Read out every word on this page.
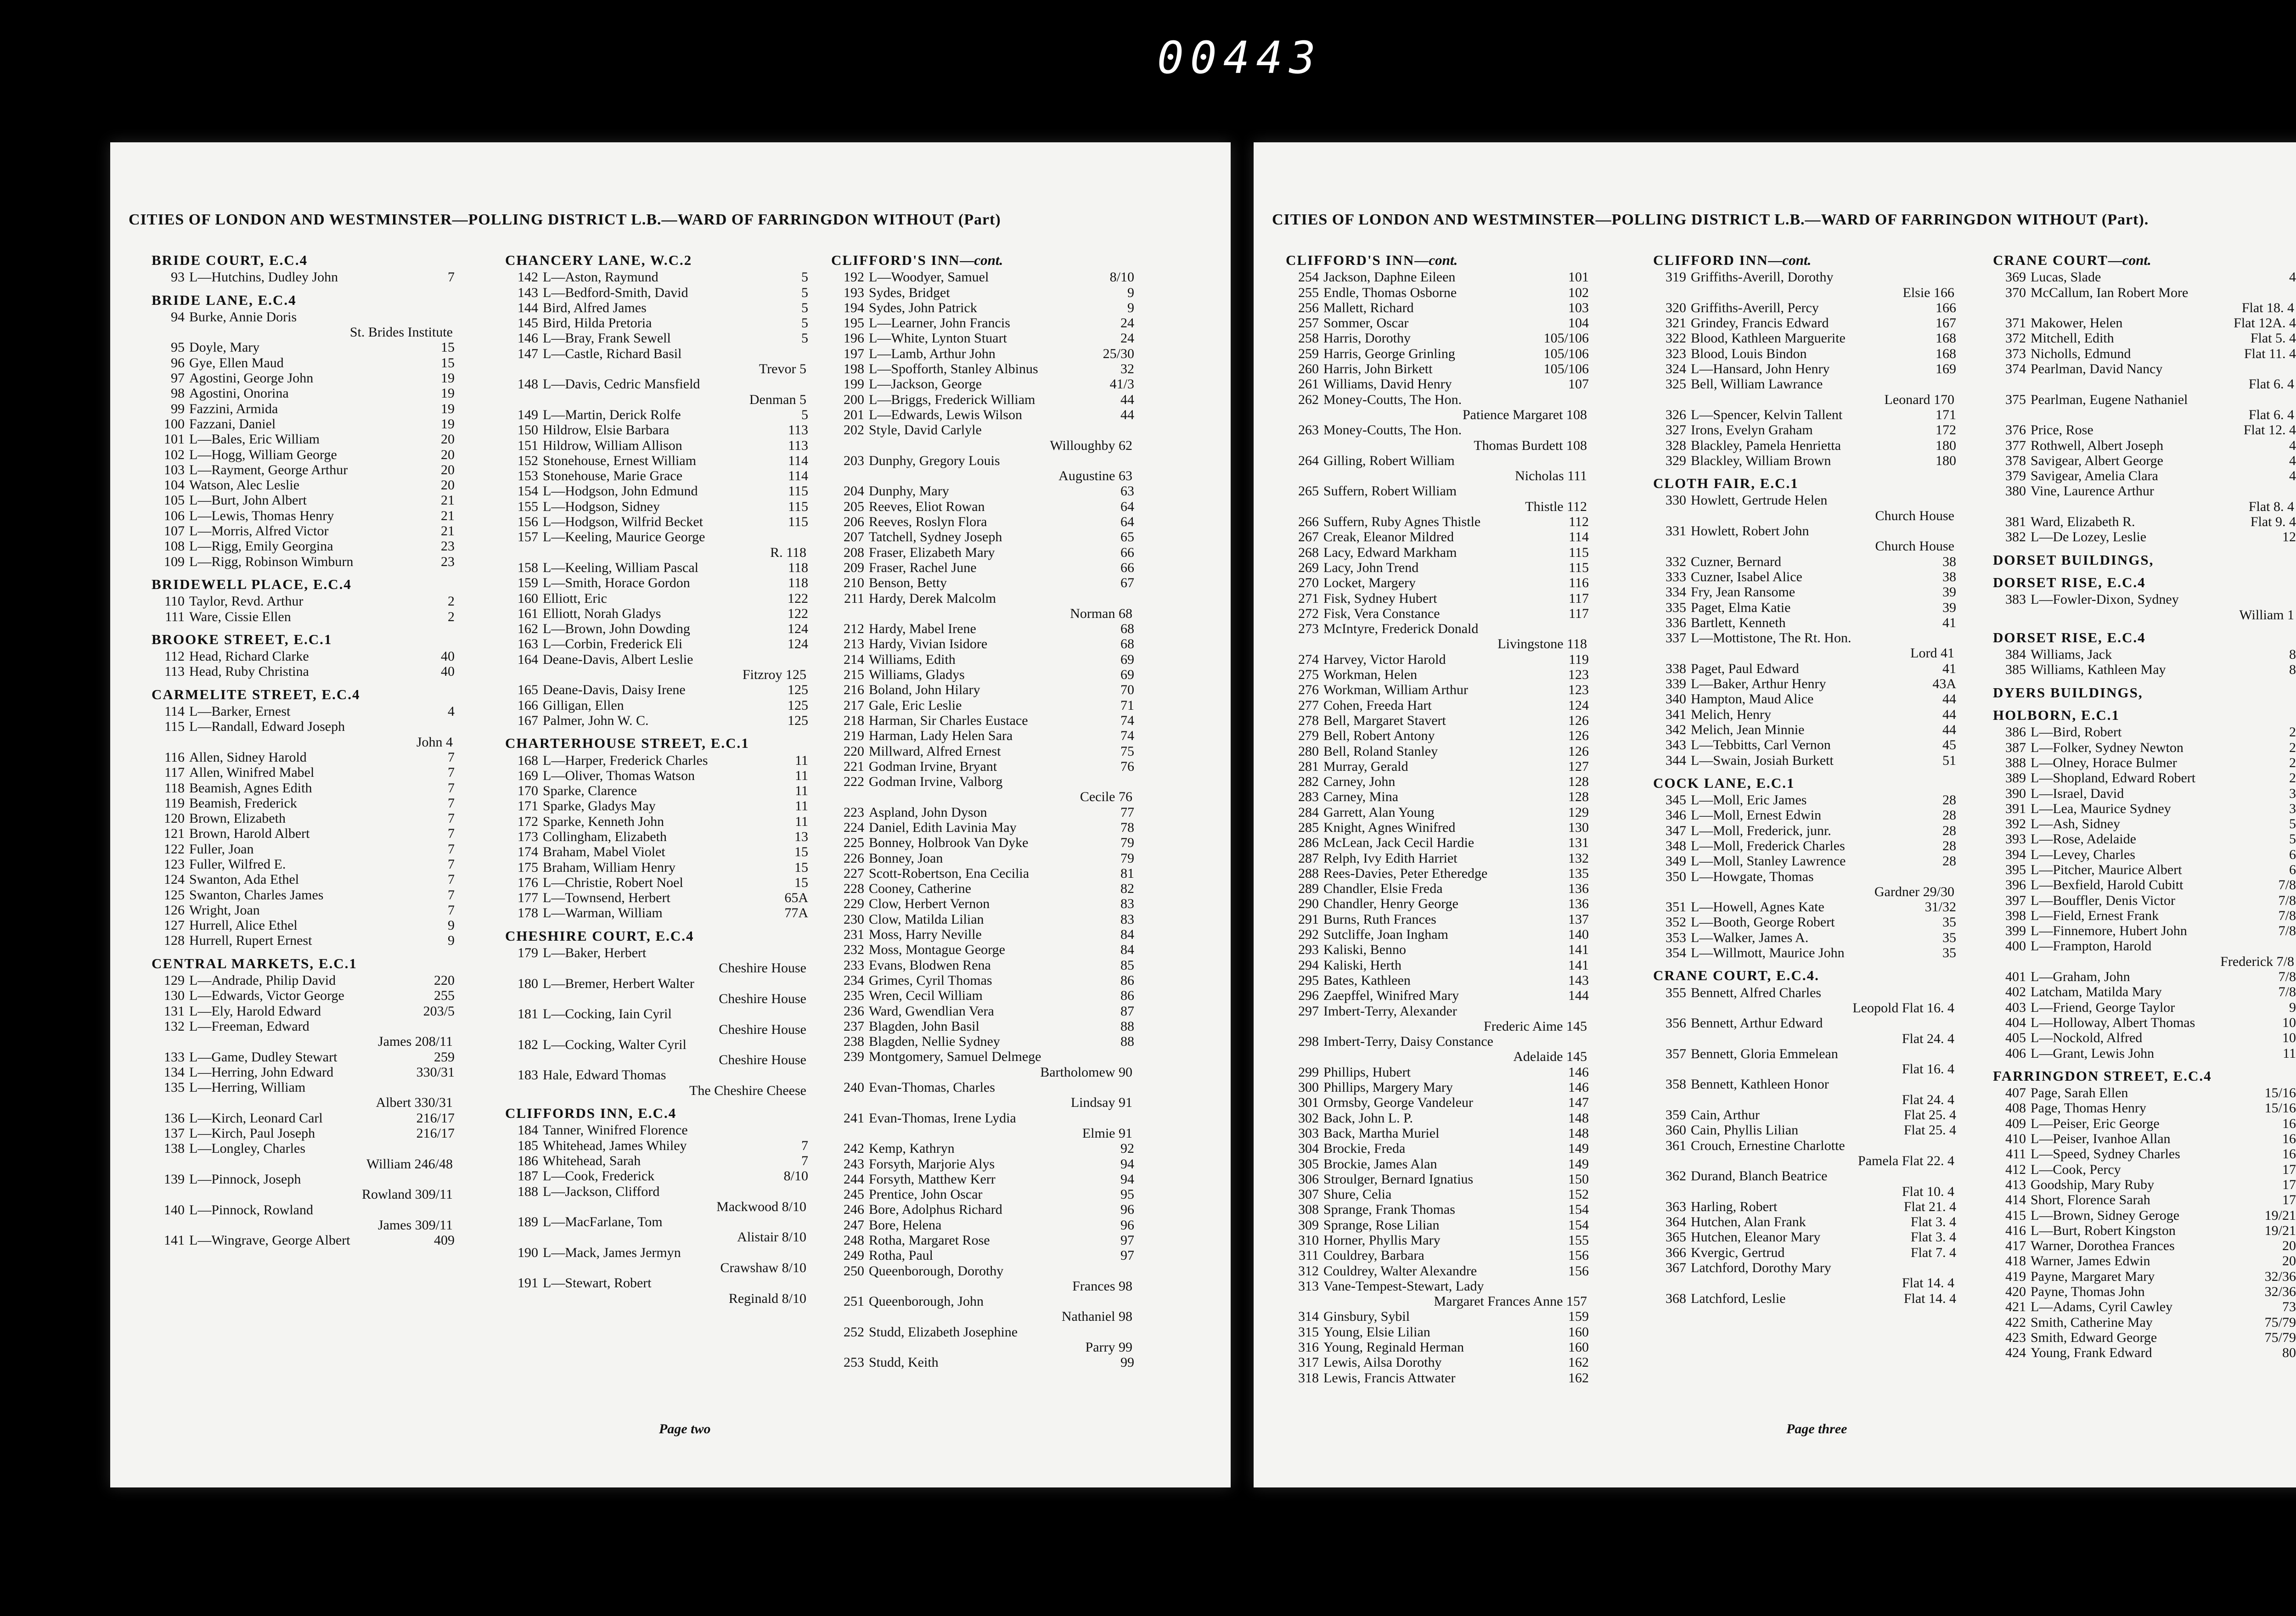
00443
CITIES OF LONDON AND WESTMINSTER—POLLING DISTRICT L.B.—WARD OF FARRINGDON WITHOUT (Part)
BRIDE COURT, E.C.4
93 L—Hutchins, Dudley John	7
BRIDE LANE, E.C.4
94 Burke, Annie Doris
St. Brides Institute
95 Doyle, Mary	15
96 Gye, Ellen Maud	15
97 Agostini, George John	19
98 Agostini, Onorina	19
99 Fazzini, Armida	19
100 Fazzani, Daniel	19
101 L—Bales, Eric William	20
102 L—Hogg, William George	20
103 L—Rayment, George Arthur	20
104 Watson, Alec Leslie	20
105 L—Burt, John Albert	21
106 L—Lewis, Thomas Henry	21
107 L—Morris, Alfred Victor	21
108 L—Rigg, Emily Georgina	23
109 L—Rigg, Robinson Wimburn	23
BRIDEWELL PLACE, E.C.4
110 Taylor, Revd. Arthur	2
111 Ware, Cissie Ellen	2
BROOKE STREET, E.C.1
112 Head, Richard Clarke	40
113 Head, Ruby Christina	40
CARMELITE STREET, E.C.4
114 L—Barker, Ernest	4
115 L—Randall, Edward Joseph
John 4
116 Allen, Sidney Harold	7
117 Allen, Winifred Mabel	7
118 Beamish, Agnes Edith	7
119 Beamish, Frederick	7
120 Brown, Elizabeth	7
121 Brown, Harold Albert	7
122 Fuller, Joan	7
123 Fuller, Wilfred E.	7
124 Swanton, Ada Ethel	7
125 Swanton, Charles James	7
126 Wright, Joan	7
127 Hurrell, Alice Ethel	9
128 Hurrell, Rupert Ernest	9
CENTRAL MARKETS, E.C.1
129 L—Andrade, Philip David	220
130 L—Edwards, Victor George	255
131 L—Ely, Harold Edward	203/5
132 L—Freeman, Edward
James 208/11
133 L—Game, Dudley Stewart	259
134 L—Herring, John Edward	330/31
135 L—Herring, William
Albert 330/31
136 L—Kirch, Leonard Carl	216/17
137 L—Kirch, Paul Joseph	216/17
138 L—Longley, Charles
William 246/48
139 L—Pinnock, Joseph
Rowland 309/11
140 L—Pinnock, Rowland
James 309/11
141 L—Wingrave, George Albert	409
CHANCERY LANE, W.C.2
142 L—Aston, Raymund	5
143 L—Bedford-Smith, David	5
144 Bird, Alfred James	5
145 Bird, Hilda Pretoria	5
146 L—Bray, Frank Sewell	5
147 L—Castle, Richard Basil
Trevor 5
148 L—Davis, Cedric Mansfield
Denman 5
149 L—Martin, Derick Rolfe	5
150 Hildrow, Elsie Barbara	113
151 Hildrow, William Allison	113
152 Stonehouse, Ernest William	114
153 Stonehouse, Marie Grace	114
154 L—Hodgson, John Edmund	115
155 L—Hodgson, Sidney	115
156 L—Hodgson, Wilfrid Becket	115
157 L—Keeling, Maurice George
R. 118
158 L—Keeling, William Pascal	118
159 L—Smith, Horace Gordon	118
160 Elliott, Eric	122
161 Elliott, Norah Gladys	122
162 L—Brown, John Dowding	124
163 L—Corbin, Frederick Eli	124
164 Deane-Davis, Albert Leslie
Fitzroy 125
165 Deane-Davis, Daisy Irene	125
166 Gilligan, Ellen	125
167 Palmer, John W. C.	125
CHARTERHOUSE STREET, E.C.1
168 L—Harper, Frederick Charles	11
169 L—Oliver, Thomas Watson	11
170 Sparke, Clarence	11
171 Sparke, Gladys May	11
172 Sparke, Kenneth John	11
173 Collingham, Elizabeth	13
174 Braham, Mabel Violet	15
175 Braham, William Henry	15
176 L—Christie, Robert Noel	15
177 L—Townsend, Herbert	65A
178 L—Warman, William	77A
CHESHIRE COURT, E.C.4
179 L—Baker, Herbert
Cheshire House
180 L—Bremer, Herbert Walter
Cheshire House
181 L—Cocking, Iain Cyril
Cheshire House
182 L—Cocking, Walter Cyril
Cheshire House
183 Hale, Edward Thomas
The Cheshire Cheese
CLIFFORDS INN, E.C.4
184 Tanner, Winifred Florence
185 Whitehead, James Whiley	7
186 Whitehead, Sarah	7
187 L—Cook, Frederick	8/10
188 L—Jackson, Clifford
Mackwood 8/10
189 L—MacFarlane, Tom
Alistair 8/10
190 L—Mack, James Jermyn
Crawshaw 8/10
191 L—Stewart, Robert
Reginald 8/10
CLIFFORD'S INN—cont.
192 L—Woodyer, Samuel	8/10
193 Sydes, Bridget	9
194 Sydes, John Patrick	9
195 L—Learner, John Francis	24
196 L—White, Lynton Stuart	24
197 L—Lamb, Arthur John	25/30
198 L—Spofforth, Stanley Albinus	32
199 L—Jackson, George	41/3
200 L—Briggs, Frederick William	44
201 L—Edwards, Lewis Wilson	44
202 Style, David Carlyle
Willoughby 62
203 Dunphy, Gregory Louis
Augustine 63
204 Dunphy, Mary	63
205 Reeves, Eliot Rowan	64
206 Reeves, Roslyn Flora	64
207 Tatchell, Sydney Joseph	65
208 Fraser, Elizabeth Mary	66
209 Fraser, Rachel June	66
210 Benson, Betty	67
211 Hardy, Derek Malcolm
Norman 68
212 Hardy, Mabel Irene	68
213 Hardy, Vivian Isidore	68
214 Williams, Edith	69
215 Williams, Gladys	69
216 Boland, John Hilary	70
217 Gale, Eric Leslie	71
218 Harman, Sir Charles Eustace	74
219 Harman, Lady Helen Sara	74
220 Millward, Alfred Ernest	75
221 Godman Irvine, Bryant	76
222 Godman Irvine, Valborg
Cecile 76
223 Aspland, John Dyson	77
224 Daniel, Edith Lavinia May	78
225 Bonney, Holbrook Van Dyke	79
226 Bonney, Joan	79
227 Scott-Robertson, Ena Cecilia	81
228 Cooney, Catherine	82
229 Clow, Herbert Vernon	83
230 Clow, Matilda Lilian	83
231 Moss, Harry Neville	84
232 Moss, Montague George	84
233 Evans, Blodwen Rena	85
234 Grimes, Cyril Thomas	86
235 Wren, Cecil William	86
236 Ward, Gwendlian Vera	87
237 Blagden, John Basil	88
238 Blagden, Nellie Sydney	88
239 Montgomery, Samuel Delmege
Bartholomew 90
240 Evan-Thomas, Charles
Lindsay 91
241 Evan-Thomas, Irene Lydia
Elmie 91
242 Kemp, Kathryn	92
243 Forsyth, Marjorie Alys	94
244 Forsyth, Matthew Kerr	94
245 Prentice, John Oscar	95
246 Bore, Adolphus Richard	96
247 Bore, Helena	96
248 Rotha, Margaret Rose	97
249 Rotha, Paul	97
250 Queenborough, Dorothy
Frances 98
251 Queenborough, John
Nathaniel 98
252 Studd, Elizabeth Josephine
Parry 99
253 Studd, Keith	99
Page two
CITIES OF LONDON AND WESTMINSTER—POLLING DISTRICT L.B.—WARD OF FARRINGDON WITHOUT (Part).
CLIFFORD'S INN—cont.
254 Jackson, Daphne Eileen	101
255 Endle, Thomas Osborne	102
256 Mallett, Richard	103
257 Sommer, Oscar	104
258 Harris, Dorothy	105/106
259 Harris, George Grinling	105/106
260 Harris, John Birkett	105/106
261 Williams, David Henry	107
262 Money-Coutts, The Hon.
Patience Margaret 108
263 Money-Coutts, The Hon.
Thomas Burdett 108
264 Gilling, Robert William
Nicholas 111
265 Suffern, Robert William
Thistle 112
266 Suffern, Ruby Agnes Thistle	112
267 Creak, Eleanor Mildred	114
268 Lacy, Edward Markham	115
269 Lacy, John Trend	115
270 Locket, Margery	116
271 Fisk, Sydney Hubert	117
272 Fisk, Vera Constance	117
273 McIntyre, Frederick Donald
Livingstone 118
274 Harvey, Victor Harold	119
275 Workman, Helen	123
276 Workman, William Arthur	123
277 Cohen, Freeda Hart	124
278 Bell, Margaret Stavert	126
279 Bell, Robert Antony	126
280 Bell, Roland Stanley	126
281 Murray, Gerald	127
282 Carney, John	128
283 Carney, Mina	128
284 Garrett, Alan Young	129
285 Knight, Agnes Winifred	130
286 McLean, Jack Cecil Hardie	131
287 Relph, Ivy Edith Harriet	132
288 Rees-Davies, Peter Etheredge	135
289 Chandler, Elsie Freda	136
290 Chandler, Henry George	136
291 Burns, Ruth Frances	137
292 Sutcliffe, Joan Ingham	140
293 Kaliski, Benno	141
294 Kaliski, Herth	141
295 Bates, Kathleen	143
296 Zaepffel, Winifred Mary	144
297 Imbert-Terry, Alexander
Frederic Aime 145
298 Imbert-Terry, Daisy Constance
Adelaide 145
299 Phillips, Hubert	146
300 Phillips, Margery Mary	146
301 Ormsby, George Vandeleur	147
302 Back, John L. P.	148
303 Back, Martha Muriel	148
304 Brockie, Freda	149
305 Brockie, James Alan	149
306 Stroulger, Bernard Ignatius	150
307 Shure, Celia	152
308 Sprange, Frank Thomas	154
309 Sprange, Rose Lilian	154
310 Horner, Phyllis Mary	155
311 Couldrey, Barbara	156
312 Couldrey, Walter Alexandre	156
313 Vane-Tempest-Stewart, Lady
Margaret Frances Anne 157
314 Ginsbury, Sybil	159
315 Young, Elsie Lilian	160
316 Young, Reginald Herman	160
317 Lewis, Ailsa Dorothy	162
318 Lewis, Francis Attwater	162
CLIFFORD INN—cont.
319 Griffiths-Averill, Dorothy
Elsie 166
320 Griffiths-Averill, Percy	166
321 Grindey, Francis Edward	167
322 Blood, Kathleen Marguerite	168
323 Blood, Louis Bindon	168
324 L—Hansard, John Henry	169
325 Bell, William Lawrance
Leonard 170
326 L—Spencer, Kelvin Tallent	171
327 Irons, Evelyn Graham	172
328 Blackley, Pamela Henrietta	180
329 Blackley, William Brown	180
CLOTH FAIR, E.C.1
330 Howlett, Gertrude Helen
Church House
331 Howlett, Robert John
Church House
332 Cuzner, Bernard	38
333 Cuzner, Isabel Alice	38
334 Fry, Jean Ransome	39
335 Paget, Elma Katie	39
336 Bartlett, Kenneth	41
337 L—Mottistone, The Rt. Hon.
Lord 41
338 Paget, Paul Edward	41
339 L—Baker, Arthur Henry	43A
340 Hampton, Maud Alice	44
341 Melich, Henry	44
342 Melich, Jean Minnie	44
343 L—Tebbitts, Carl Vernon	45
344 L—Swain, Josiah Burkett	51
COCK LANE, E.C.1
345 L—Moll, Eric James	28
346 L—Moll, Ernest Edwin	28
347 L—Moll, Frederick, junr.	28
348 L—Moll, Frederick Charles	28
349 L—Moll, Stanley Lawrence	28
350 L—Howgate, Thomas
Gardner 29/30
351 L—Howell, Agnes Kate	31/32
352 L—Booth, George Robert	35
353 L—Walker, James A.	35
354 L—Willmott, Maurice John	35
CRANE COURT, E.C.4.
355 Bennett, Alfred Charles
Leopold Flat 16. 4
356 Bennett, Arthur Edward
Flat 24. 4
357 Bennett, Gloria Emmelean
Flat 16. 4
358 Bennett, Kathleen Honor
Flat 24. 4
359 Cain, Arthur	Flat 25. 4
360 Cain, Phyllis Lilian	Flat 25. 4
361 Crouch, Ernestine Charlotte
Pamela Flat 22. 4
362 Durand, Blanch Beatrice
Flat 10. 4
363 Harling, Robert	Flat 21. 4
364 Hutchen, Alan Frank	Flat 3. 4
365 Hutchen, Eleanor Mary	Flat 3. 4
366 Kvergic, Gertrud	Flat 7. 4
367 Latchford, Dorothy Mary
Flat 14. 4
368 Latchford, Leslie	Flat 14. 4
CRANE COURT—cont.
369 Lucas, Slade	4
370 McCallum, Ian Robert More
Flat 18. 4
371 Makower, Helen	Flat 12A. 4
372 Mitchell, Edith	Flat 5. 4
373 Nicholls, Edmund	Flat 11. 4
374 Pearlman, David Nancy
Flat 6. 4
375 Pearlman, Eugene Nathaniel
Flat 6. 4
376 Price, Rose	Flat 12. 4
377 Rothwell, Albert Joseph	4
378 Savigear, Albert George	4
379 Savigear, Amelia Clara	4
380 Vine, Laurence Arthur
Flat 8. 4
381 Ward, Elizabeth R.	Flat 9. 4
382 L—De Lozey, Leslie	12
DORSET BUILDINGS,
DORSET RISE, E.C.4
383 L—Fowler-Dixon, Sydney
William 1
DORSET RISE, E.C.4
384 Williams, Jack	8
385 Williams, Kathleen May	8
DYERS BUILDINGS,
HOLBORN, E.C.1
386 L—Bird, Robert	2
387 L—Folker, Sydney Newton	2
388 L—Olney, Horace Bulmer	2
389 L—Shopland, Edward Robert	2
390 L—Israel, David	3
391 L—Lea, Maurice Sydney	3
392 L—Ash, Sidney	5
393 L—Rose, Adelaide	5
394 L—Levey, Charles	6
395 L—Pitcher, Maurice Albert	6
396 L—Bexfield, Harold Cubitt	7/8
397 L—Bouffler, Denis Victor	7/8
398 L—Field, Ernest Frank	7/8
399 L—Finnemore, Hubert John	7/8
400 L—Frampton, Harold
Frederick 7/8
401 L—Graham, John	7/8
402 Latcham, Matilda Mary	7/8
403 L—Friend, George Taylor	9
404 L—Holloway, Albert Thomas	10
405 L—Nockold, Alfred	10
406 L—Grant, Lewis John	11
FARRINGDON STREET, E.C.4
407 Page, Sarah Ellen	15/16
408 Page, Thomas Henry	15/16
409 L—Peiser, Eric George	16
410 L—Peiser, Ivanhoe Allan	16
411 L—Speed, Sydney Charles	16
412 L—Cook, Percy	17
413 Goodship, Mary Ruby	17
414 Short, Florence Sarah	17
415 L—Brown, Sidney Geroge	19/21
416 L—Burt, Robert Kingston	19/21
417 Warner, Dorothea Frances	20
418 Warner, James Edwin	20
419 Payne, Margaret Mary	32/36
420 Payne, Thomas John	32/36
421 L—Adams, Cyril Cawley	73
422 Smith, Catherine May	75/79
423 Smith, Edward George	75/79
424 Young, Frank Edward	80
Page three
